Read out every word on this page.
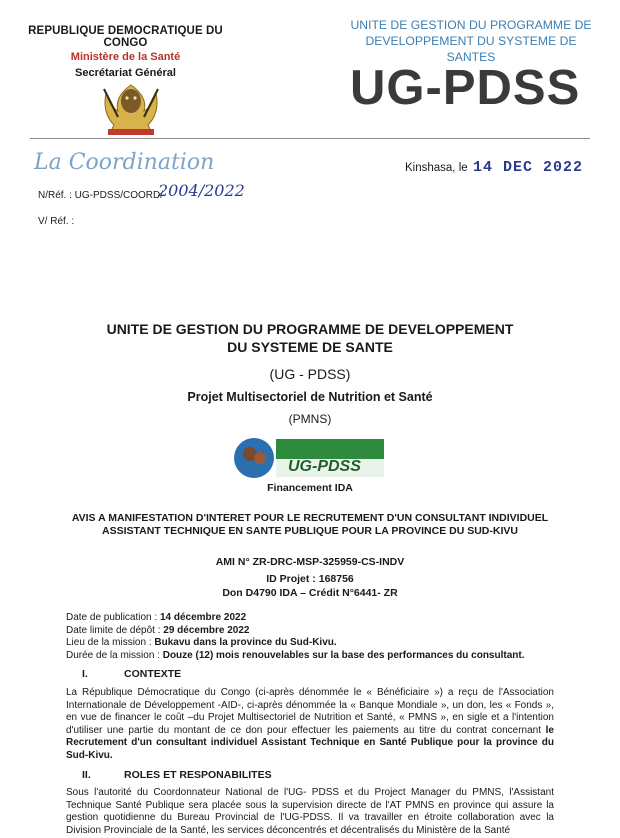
REPUBLIQUE DEMOCRATIQUE DU CONGO
Ministère de la Santé
Secrétariat Général
UNITE DE GESTION DU PROGRAMME DE
DEVELOPPEMENT DU SYSTEME DE SANTES
UG-PDSS
La Coordination	Kinshasa, le 14 DEC 2022
N/Réf. : UG-PDSS/COORD/
2004/2022
V/ Réf. :
UNITE DE GESTION DU PROGRAMME DE DEVELOPPEMENT
DU SYSTEME DE SANTE
(UG - PDSS)
Projet Multisectoriel de Nutrition et Santé
(PMNS)
UG-PDSS
Financement IDA
AVIS A MANIFESTATION D'INTERET POUR LE RECRUTEMENT D'UN CONSULTANT INDIVIDUEL ASSISTANT TECHNIQUE EN SANTE PUBLIQUE POUR LA PROVINCE DU SUD-KIVU
AMI N° ZR-DRC-MSP-325959-CS-INDV
ID Projet : 168756
Don D4790 IDA – Crédit N°6441- ZR
Date de publication : 14 décembre 2022
Date limite de dépôt : 29 décembre 2022
Lieu de la mission : Bukavu dans la province du Sud-Kivu.
Durée de la mission : Douze (12) mois renouvelables sur la base des performances du consultant.
I.	CONTEXTE
La République Démocratique du Congo (ci-après dénommée le « Bénéficiaire ») a reçu de l'Association Internationale de Développement -AID-, ci-après dénommée la « Banque Mondiale », un don, les « Fonds », en vue de financer le coût –du Projet Multisectoriel de Nutrition et Santé, « PMNS », en sigle et a l'intention d'utiliser une partie du montant de ce don pour effectuer les paiements au titre du contrat concernant le Recrutement d'un consultant individuel Assistant Technique en Santé Publique pour la province du Sud-Kivu.
II.	ROLES ET RESPONABILITES
Sous l'autorité du Coordonnateur National de l'UG- PDSS et du Project Manager du PMNS, l'Assistant Technique Santé Publique sera placée sous la supervision directe de l'AT PMNS en province qui assure la gestion quotidienne du Bureau Provincial de l'UG-PDSS. Il va travailler en étroite collaboration avec la Division Provinciale de la Santé, les services déconcentrés et décentralisés du Ministère de la Santé
